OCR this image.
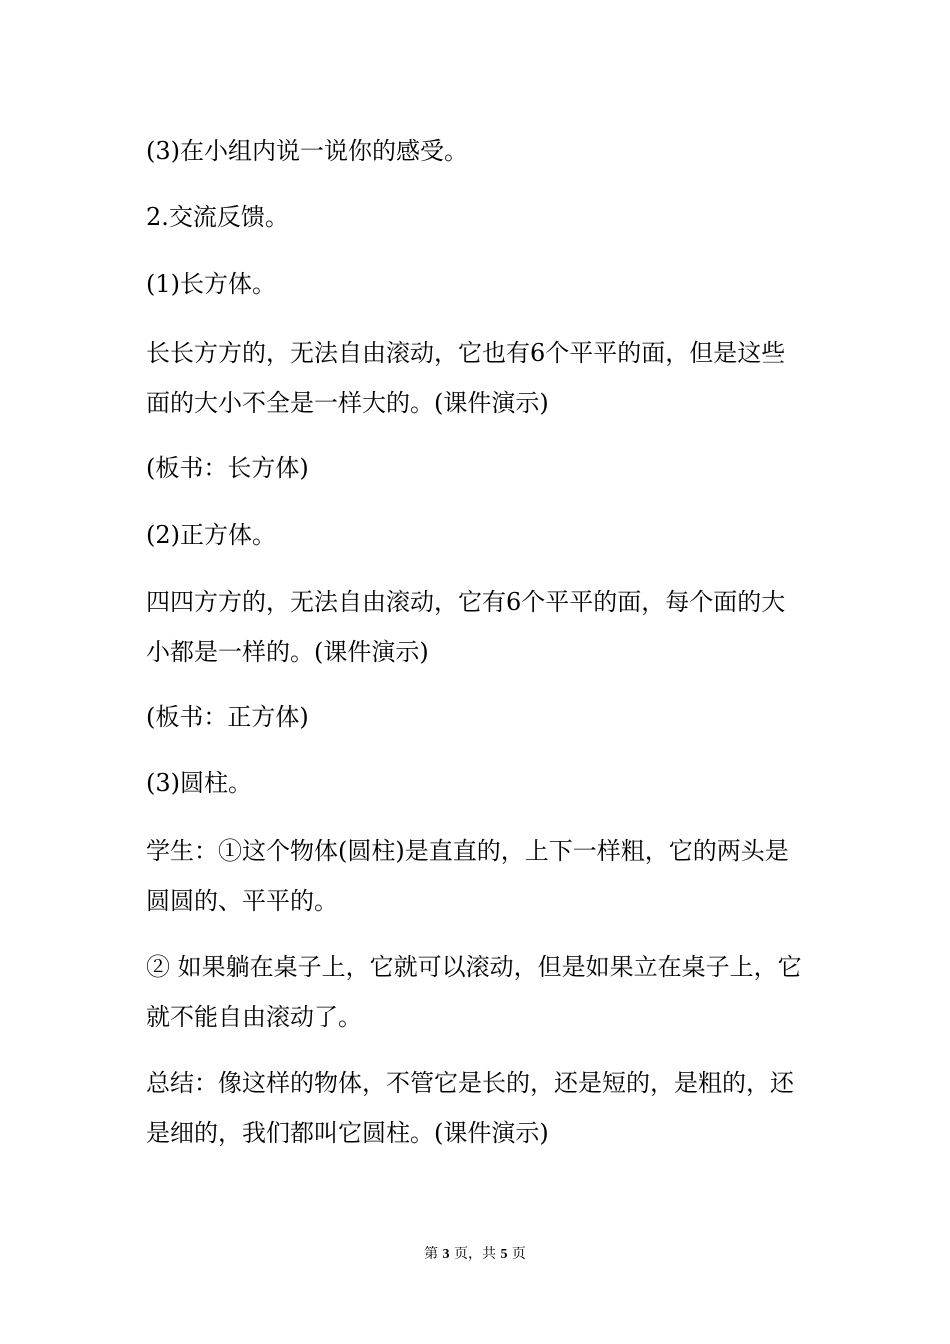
(3)在小组内说一说你的感受。

2.交流反馈。

(1)长方体。

长长方方的，无法自由滚动，它也有6个平平的面，但是这些面的大小不全是一样大的。(课件演示)

(板书：长方体)

(2)正方体。

四四方方的，无法自由滚动，它有6个平平的面，每个面的大小都是一样的。(课件演示)

(板书：正方体)

(3)圆柱。

学生：①这个物体(圆柱)是直直的，上下一样粗，它的两头是圆圆的、平平的。

② 如果躺在桌子上，它就可以滚动，但是如果立在桌子上，它就不能自由滚动了。

总结：像这样的物体，不管它是长的，还是短的，是粗的，还是细的，我们都叫它圆柱。(课件演示)

第 3 页，共 5 页
